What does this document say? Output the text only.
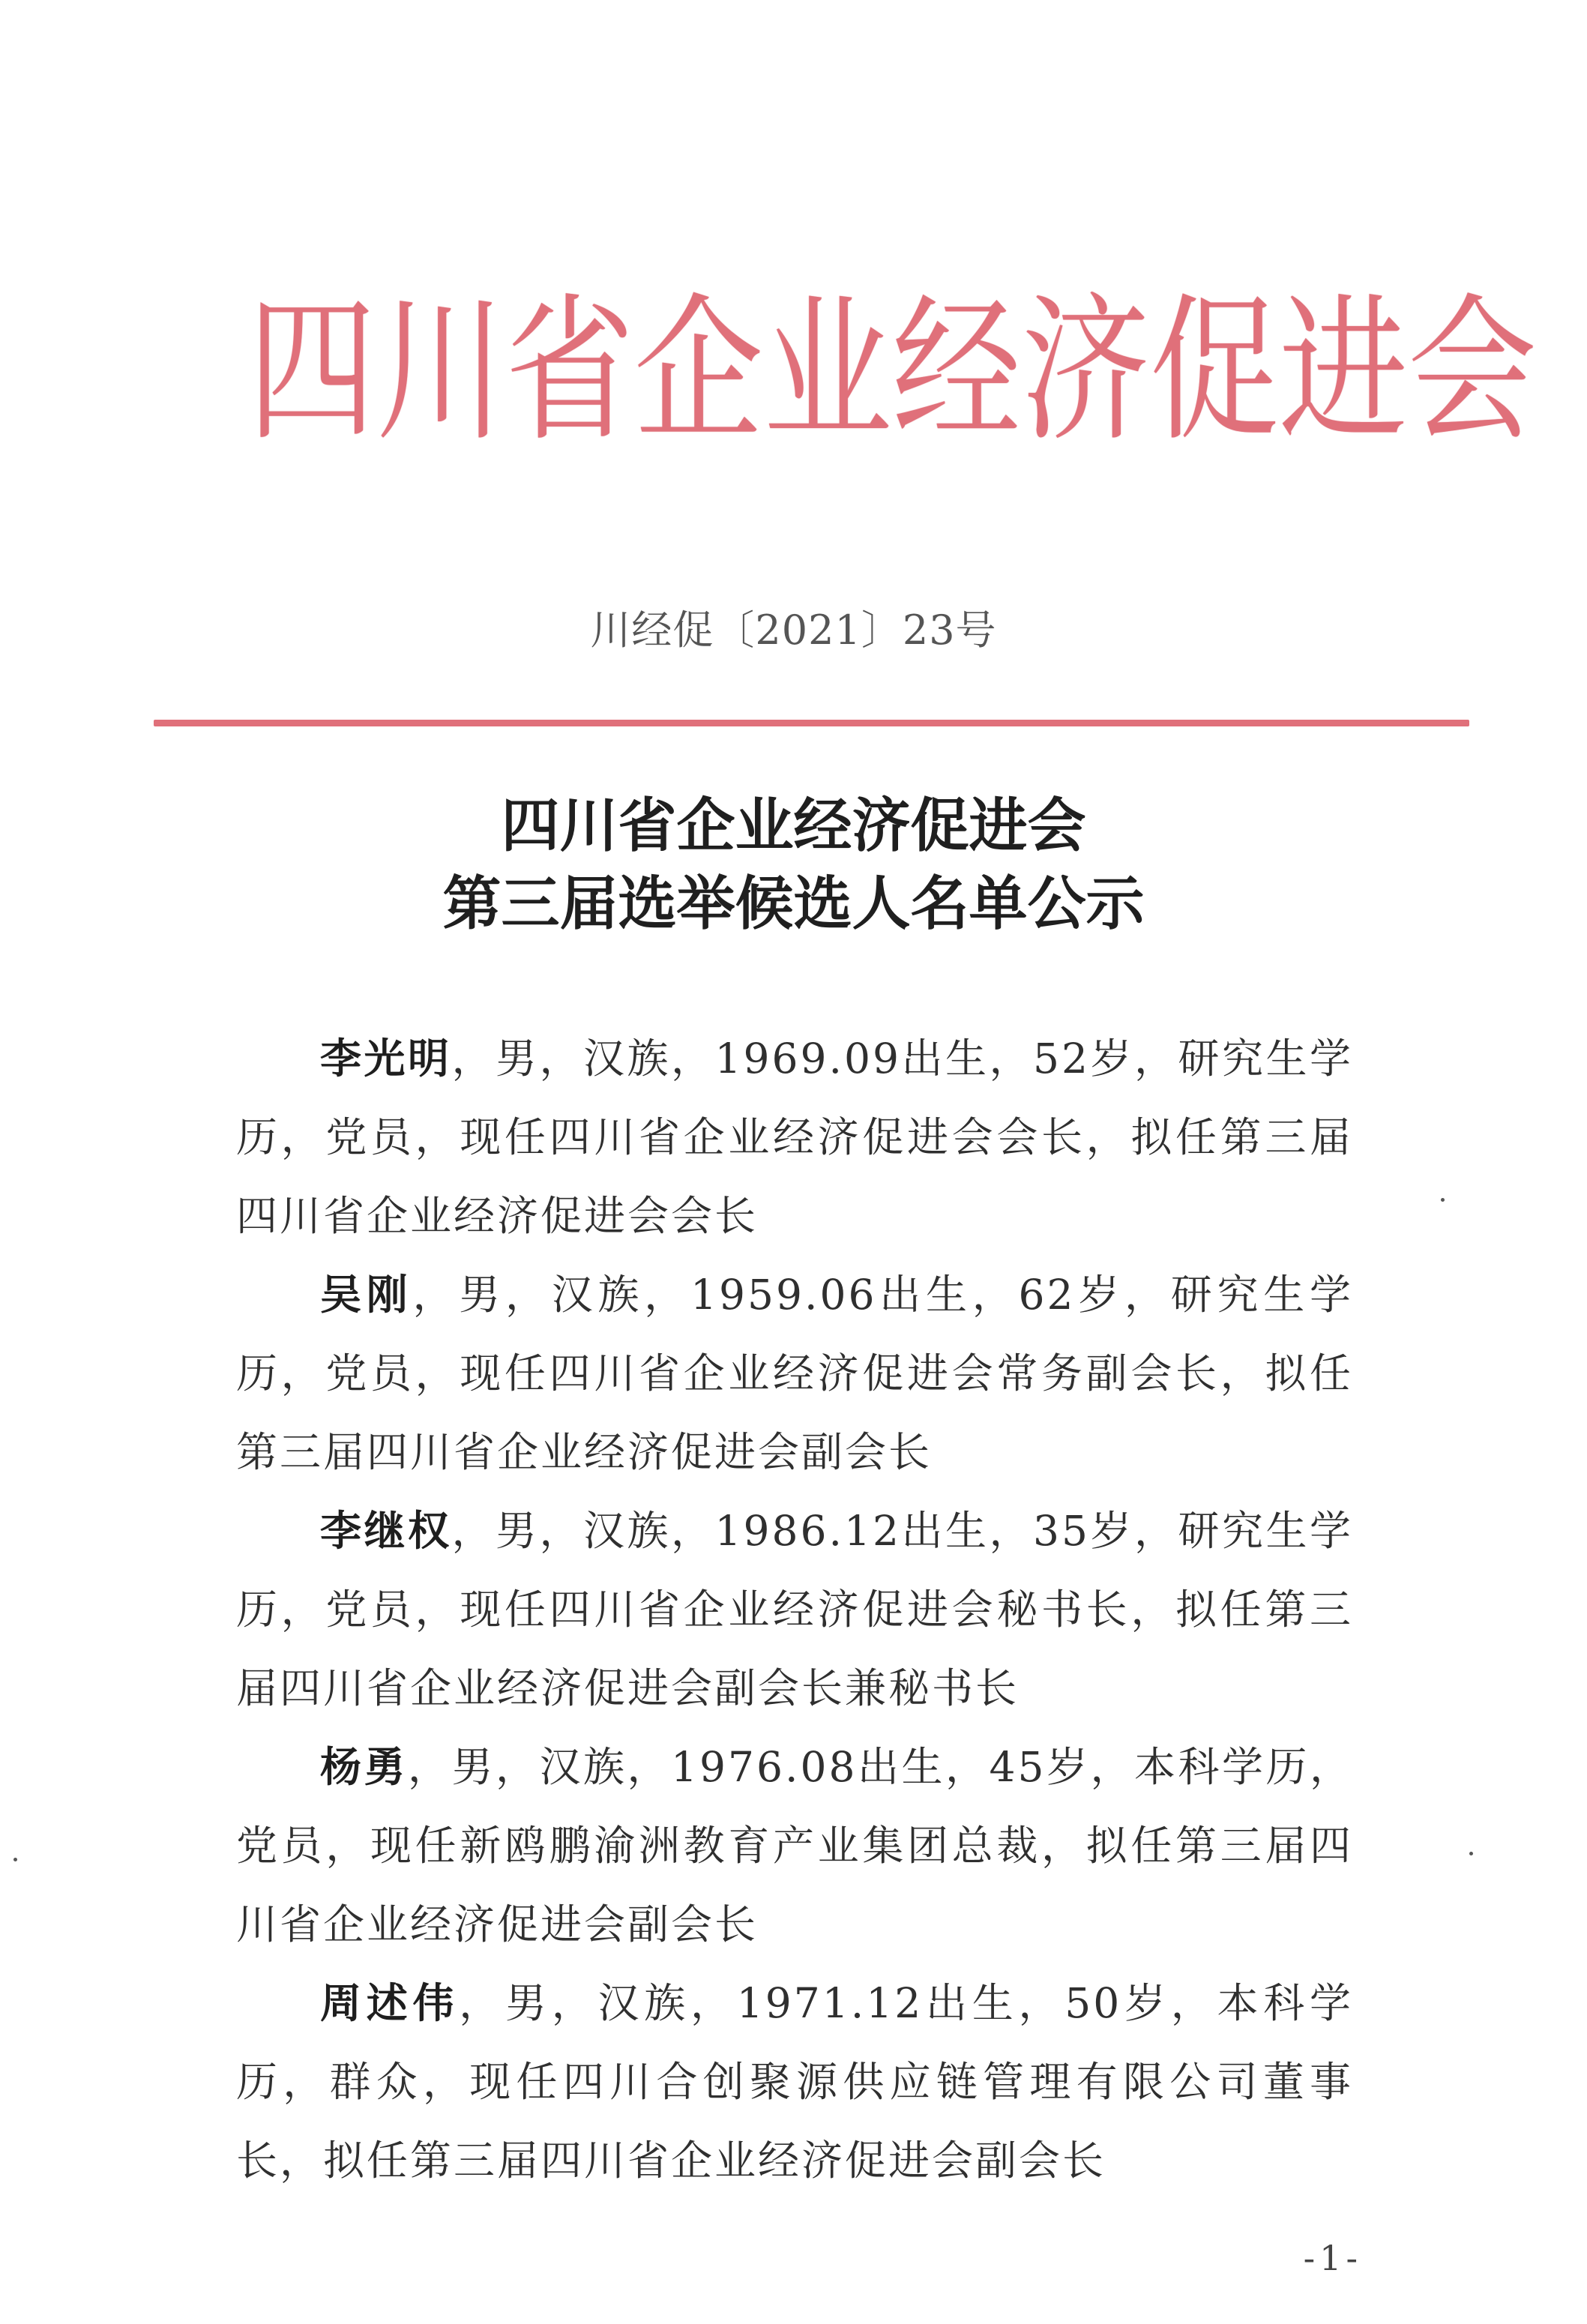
四 川 省 企 业 经 济 促 进 会
川经促〔2021〕23号
四川省企业经济促进会
第三届选举候选人名单公示

李光明，男，汉族，1969.09出生，52岁，研究生学历，党员，现任四川省企业经济促进会会长，拟任第三届四川省企业经济促进会会长

吴刚，男，汉族，1959.06出生，62岁，研究生学历，党员，现任四川省企业经济促进会常务副会长，拟任第三届四川省企业经济促进会副会长

李继权，男，汉族，1986.12出生，35岁，研究生学历，党员，现任四川省企业经济促进会秘书长，拟任第三届四川省企业经济促进会副会长兼秘书长

杨勇，男，汉族，1976.08出生，45岁，本科学历，党员，现任新鸥鹏渝洲教育产业集团总裁，拟任第三届四川省企业经济促进会副会长

周述伟，男，汉族，1971.12出生，50岁，本科学历，群众，现任四川合创聚源供应链管理有限公司董事长，拟任第三届四川省企业经济促进会副会长

-1-
